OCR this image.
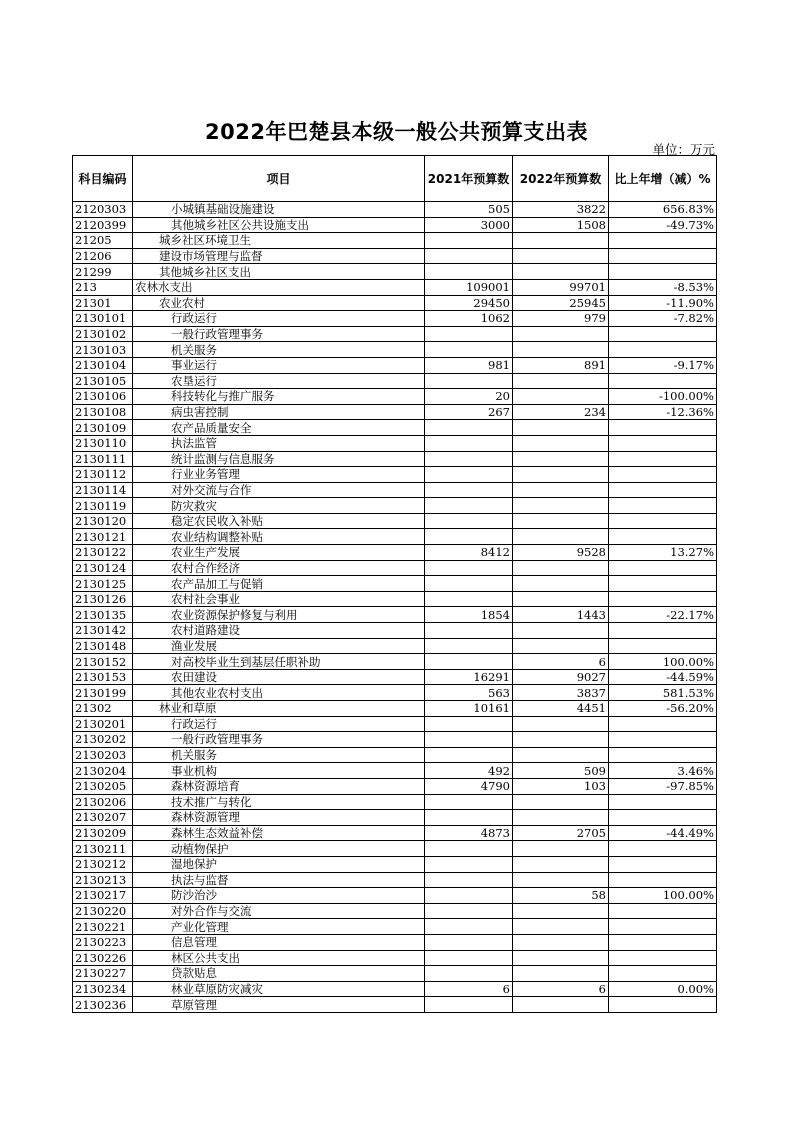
2022年巴楚县本级一般公共预算支出表
单位：万元
科目编码	项目	2021年预算数	2022年预算数	比上年增（减）%
2120303	小城镇基础设施建设	505	3822	656.83%
2120399	其他城乡社区公共设施支出	3000	1508	-49.73%
21205	城乡社区环境卫生			
21206	建设市场管理与监督			
21299	其他城乡社区支出			
213	农林水支出	109001	99701	-8.53%
21301	农业农村	29450	25945	-11.90%
2130101	行政运行	1062	979	-7.82%
2130102	一般行政管理事务			
2130103	机关服务			
2130104	事业运行	981	891	-9.17%
2130105	农垦运行			
2130106	科技转化与推广服务	20		-100.00%
2130108	病虫害控制	267	234	-12.36%
2130109	农产品质量安全			
2130110	执法监管			
2130111	统计监测与信息服务			
2130112	行业业务管理			
2130114	对外交流与合作			
2130119	防灾救灾			
2130120	稳定农民收入补贴			
2130121	农业结构调整补贴			
2130122	农业生产发展	8412	9528	13.27%
2130124	农村合作经济			
2130125	农产品加工与促销			
2130126	农村社会事业			
2130135	农业资源保护修复与利用	1854	1443	-22.17%
2130142	农村道路建设			
2130148	渔业发展			
2130152	对高校毕业生到基层任职补助		6	100.00%
2130153	农田建设	16291	9027	-44.59%
2130199	其他农业农村支出	563	3837	581.53%
21302	林业和草原	10161	4451	-56.20%
2130201	行政运行			
2130202	一般行政管理事务			
2130203	机关服务			
2130204	事业机构	492	509	3.46%
2130205	森林资源培育	4790	103	-97.85%
2130206	技术推广与转化			
2130207	森林资源管理			
2130209	森林生态效益补偿	4873	2705	-44.49%
2130211	动植物保护			
2130212	湿地保护			
2130213	执法与监督			
2130217	防沙治沙		58	100.00%
2130220	对外合作与交流			
2130221	产业化管理			
2130223	信息管理			
2130226	林区公共支出			
2130227	贷款贴息			
2130234	林业草原防灾减灾	6	6	0.00%
2130236	草原管理			
